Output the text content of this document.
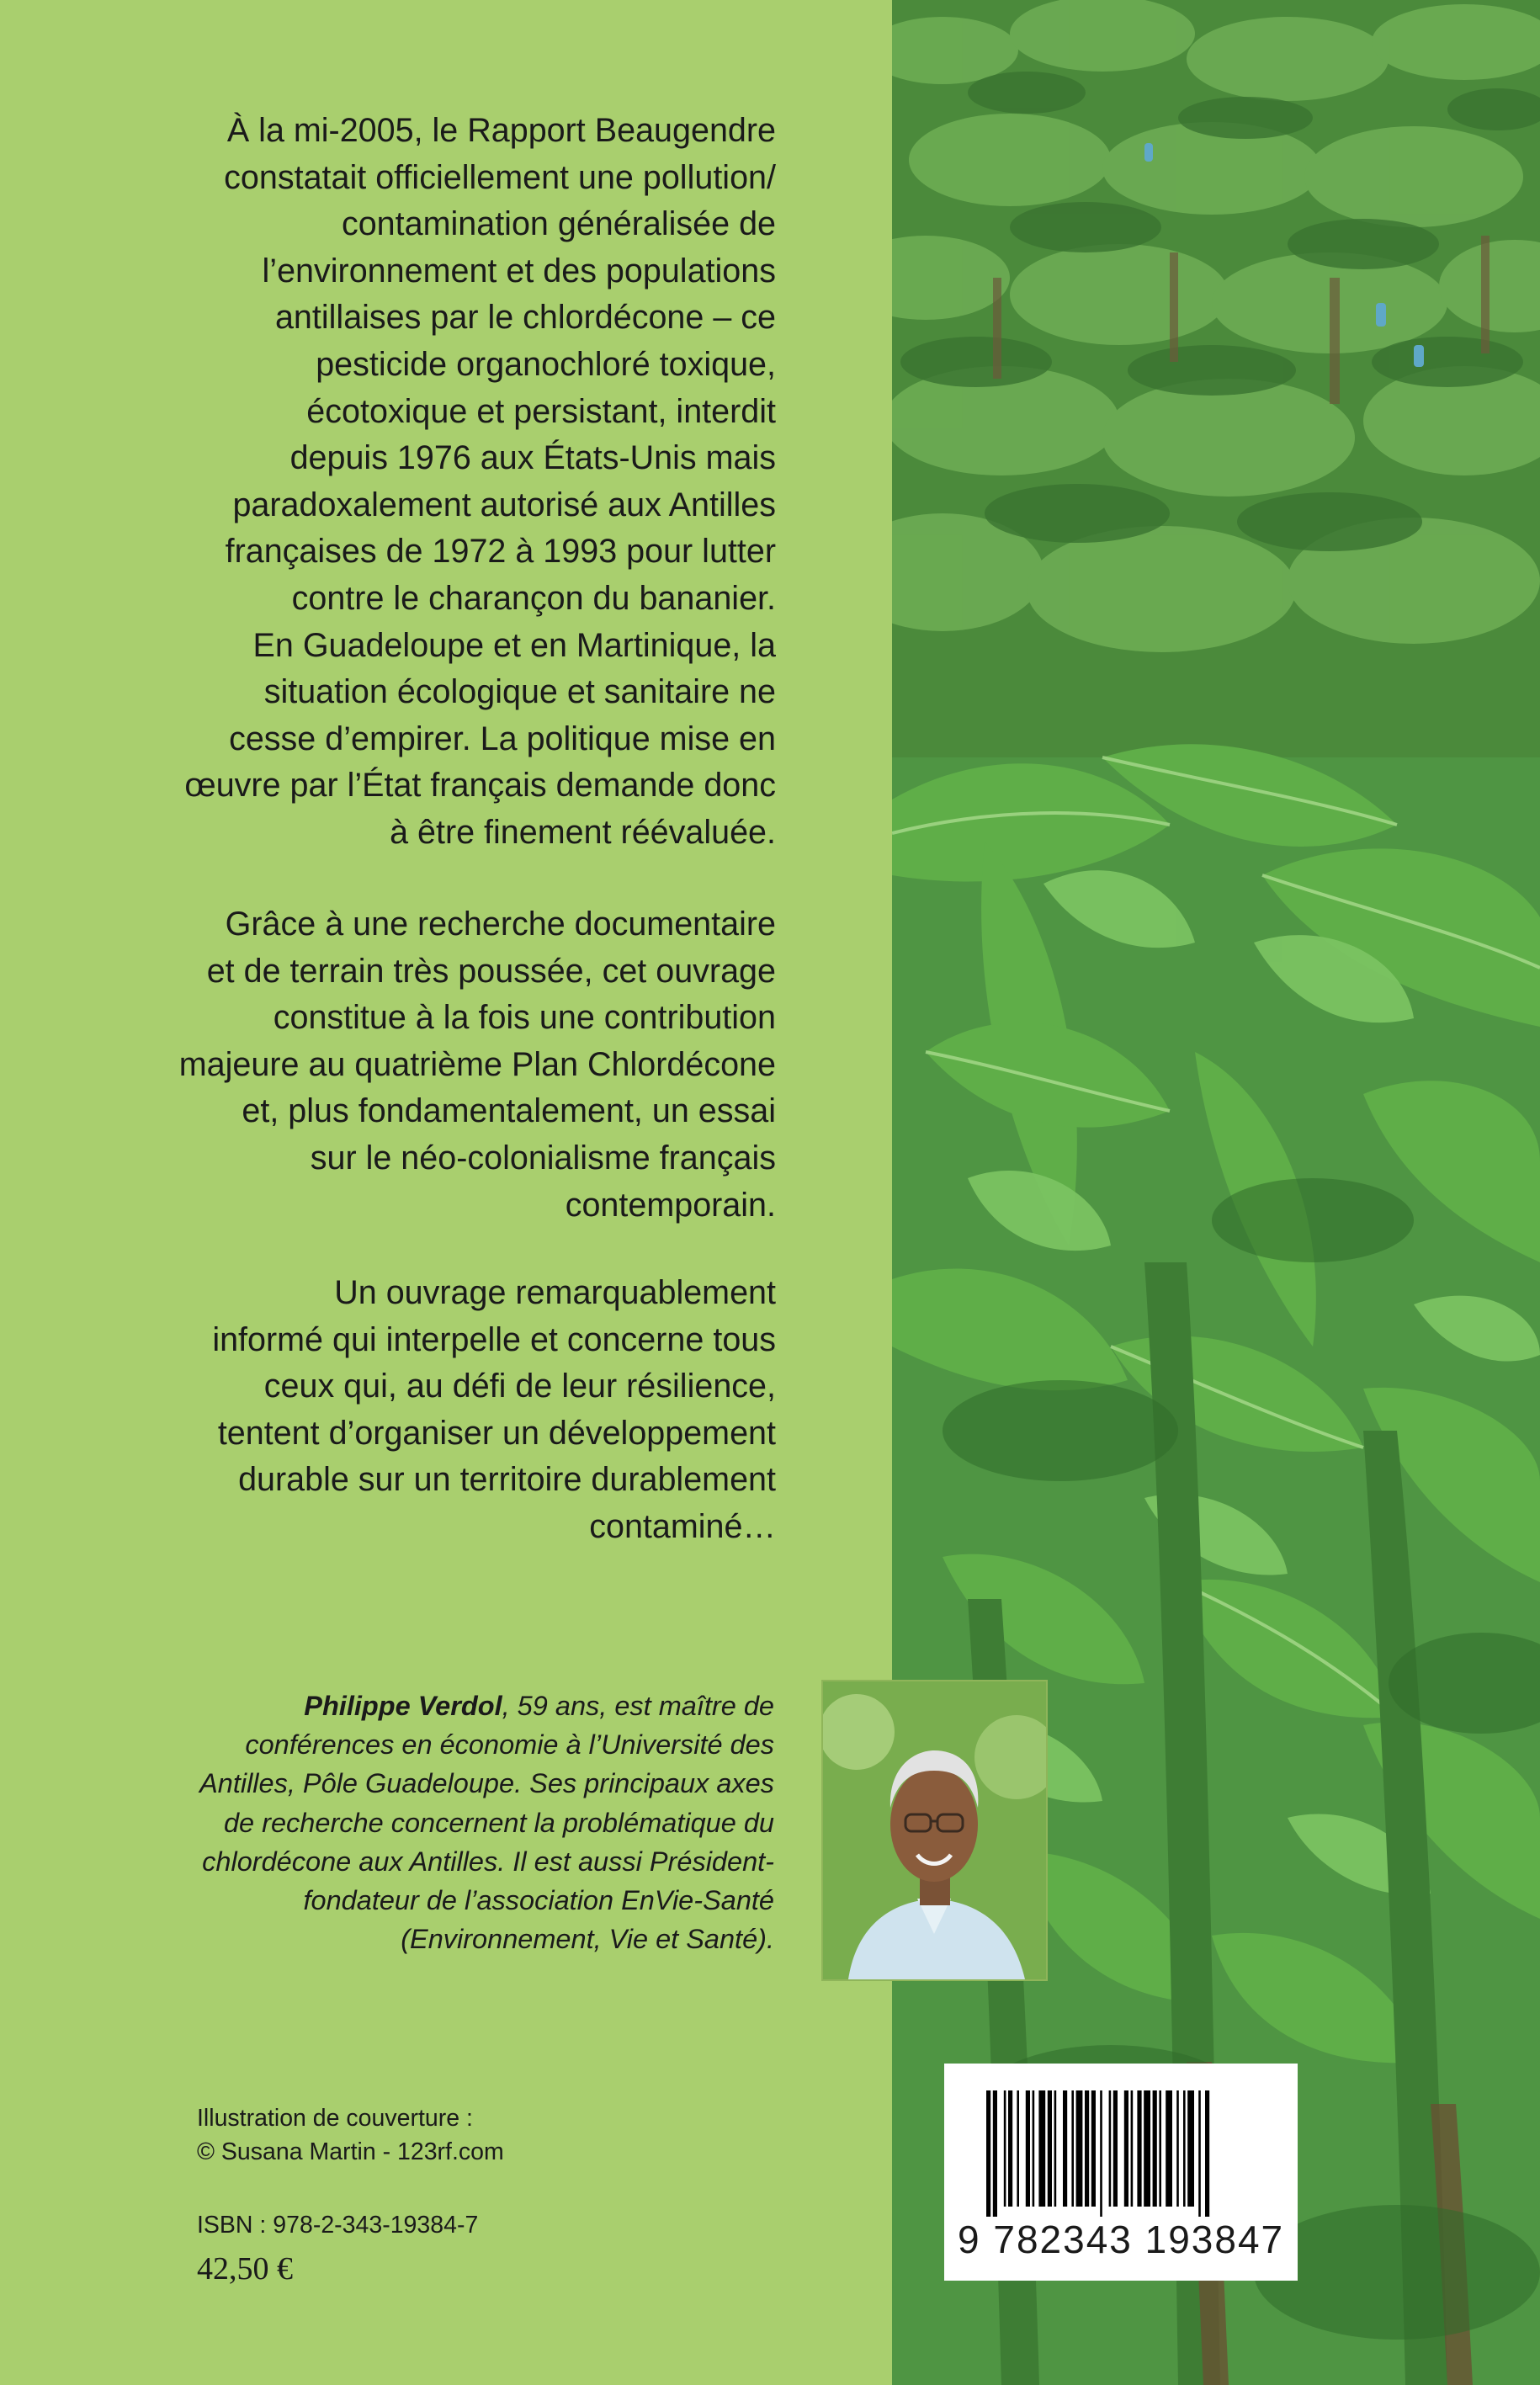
À la mi-2005, le Rapport Beaugendre
constatait officiellement une pollution/
contamination généralisée de
l’environnement et des populations
antillaises par le chlordécone – ce
pesticide organochloré toxique,
écotoxique et persistant, interdit
depuis 1976 aux États-Unis mais
paradoxalement autorisé aux Antilles
françaises de 1972 à 1993 pour lutter
contre le charançon du bananier.
En Guadeloupe et en Martinique, la
situation écologique et sanitaire ne
cesse d’empirer. La politique mise en
œuvre par l’État français demande donc
à être finement réévaluée.

Grâce à une recherche documentaire
et de terrain très poussée, cet ouvrage
constitue à la fois une contribution
majeure au quatrième Plan Chlordécone
et, plus fondamentalement, un essai
sur le néo-colonialisme français
contemporain.

Un ouvrage remarquablement
informé qui interpelle et concerne tous
ceux qui, au défi de leur résilience,
tentent d’organiser un développement
durable sur un territoire durablement
contaminé…

Philippe Verdol, 59 ans, est maître de
conférences en économie à l’Université des
Antilles, Pôle Guadeloupe. Ses principaux axes
de recherche concernent la problématique du
chlordécone aux Antilles. Il est aussi Président-
fondateur de l’association EnVie-Santé
(Environnement, Vie et Santé).

Illustration de couverture :
© Susana Martin - 123rf.com
ISBN : 978-2-343-19384-7
42,50 €
9 782343 193847
